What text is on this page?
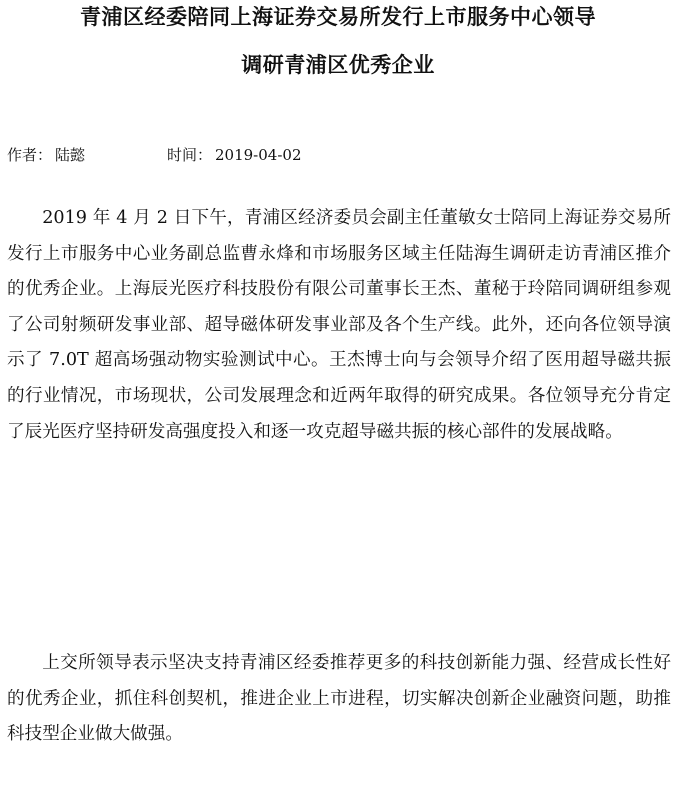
青浦区经委陪同上海证券交易所发行上市服务中心领导
调研青浦区优秀企业
作者： 陆懿	时间： 2019-04-02

2019 年 4 月 2 日下午，青浦区经济委员会副主任董敏女士陪同上海证券交易所发行上市服务中心业务副总监曹永烽和市场服务区域主任陆海生调研走访青浦区推介的优秀企业。上海辰光医疗科技股份有限公司董事长王杰、董秘于玲陪同调研组参观了公司射频研发事业部、超导磁体研发事业部及各个生产线。此外，还向各位领导演示了 7.0T 超高场强动物实验测试中心。王杰博士向与会领导介绍了医用超导磁共振的行业情况，市场现状，公司发展理念和近两年取得的研究成果。各位领导充分肯定了辰光医疗坚持研发高强度投入和逐一攻克超导磁共振的核心部件的发展战略。

上交所领导表示坚决支持青浦区经委推荐更多的科技创新能力强、经营成长性好的优秀企业，抓住科创契机，推进企业上市进程，切实解决创新企业融资问题，助推科技型企业做大做强。
